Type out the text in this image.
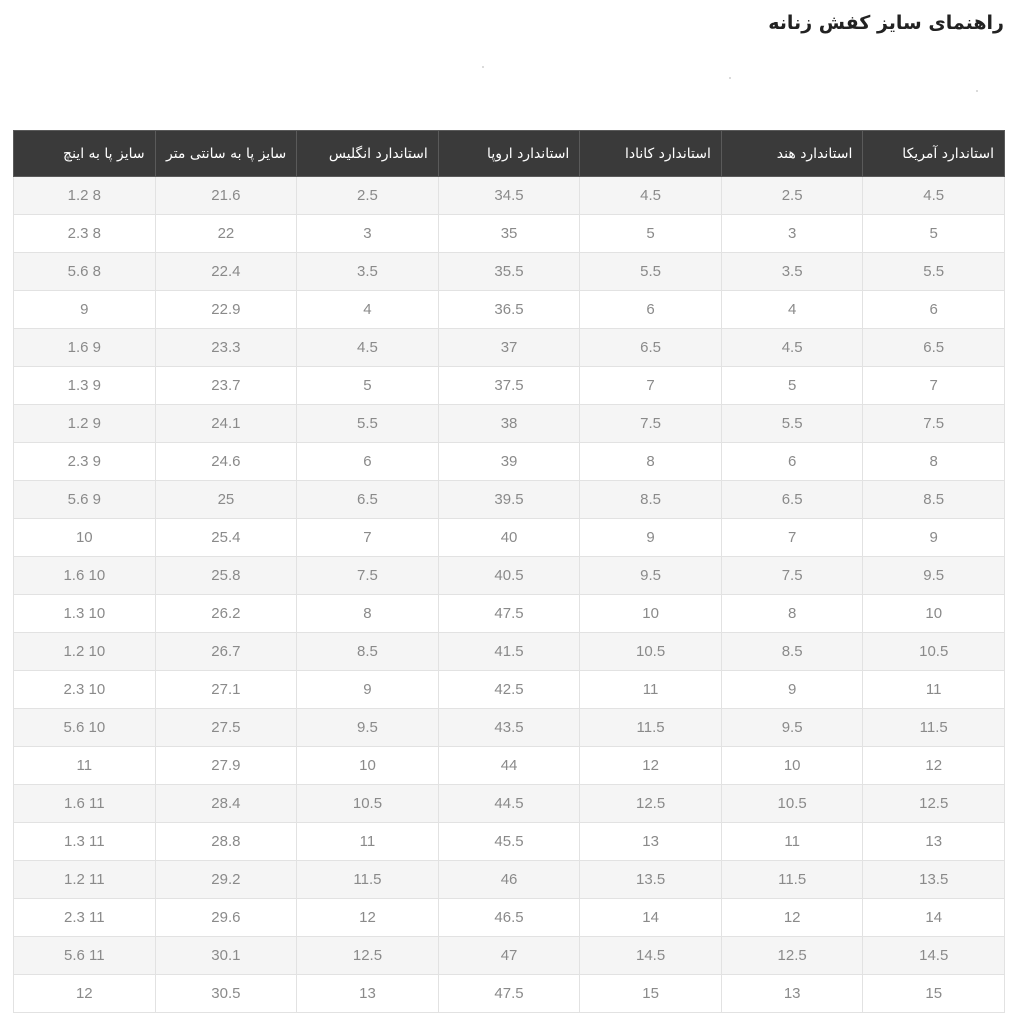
راهنمای سایز کفش زنانه
استاندارد آمریکا	استاندارد هند	استاندارد کانادا	استاندارد اروپا	استاندارد انگلیس	سایز پا به سانتی متر	سایز پا به اینچ
4.5	2.5	4.5	34.5	2.5	21.6	1.2 8
5	3	5	35	3	22	2.3 8
5.5	3.5	5.5	35.5	3.5	22.4	5.6 8
6	4	6	36.5	4	22.9	9
6.5	4.5	6.5	37	4.5	23.3	1.6 9
7	5	7	37.5	5	23.7	1.3 9
7.5	5.5	7.5	38	5.5	24.1	1.2 9
8	6	8	39	6	24.6	2.3 9
8.5	6.5	8.5	39.5	6.5	25	5.6 9
9	7	9	40	7	25.4	10
9.5	7.5	9.5	40.5	7.5	25.8	1.6 10
10	8	10	47.5	8	26.2	1.3 10
10.5	8.5	10.5	41.5	8.5	26.7	1.2 10
11	9	11	42.5	9	27.1	2.3 10
11.5	9.5	11.5	43.5	9.5	27.5	5.6 10
12	10	12	44	10	27.9	11
12.5	10.5	12.5	44.5	10.5	28.4	1.6 11
13	11	13	45.5	11	28.8	1.3 11
13.5	11.5	13.5	46	11.5	29.2	1.2 11
14	12	14	46.5	12	29.6	2.3 11
14.5	12.5	14.5	47	12.5	30.1	5.6 11
15	13	15	47.5	13	30.5	12
